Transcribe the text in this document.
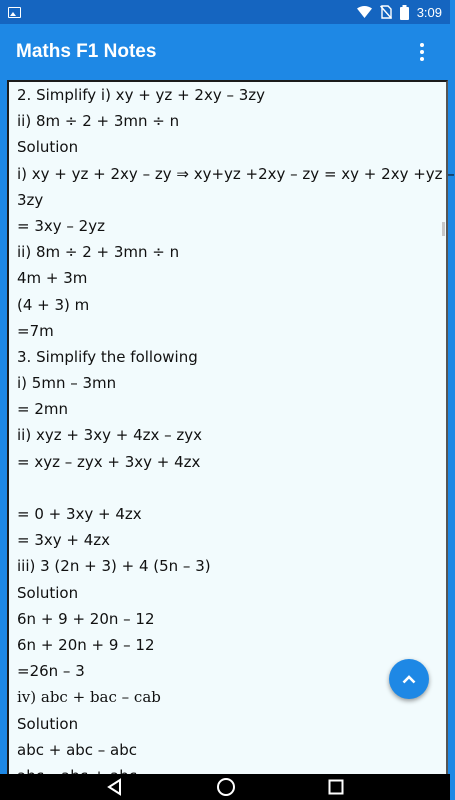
3:09
Maths F1 Notes
2. Simplify i) xy + yz + 2xy – 3zy
ii) 8m ÷ 2 + 3mn ÷ n
Solution
i) xy + yz + 2xy – zy ⇒ xy+yz +2xy – zy = xy + 2xy +yz –
3zy
= 3xy – 2yz
ii) 8m ÷ 2 + 3mn ÷ n
4m + 3m
(4 + 3) m
=7m
3. Simplify the following
i) 5mn – 3mn
= 2mn
ii) xyz + 3xy + 4zx – zyx
= xyz – zyx + 3xy + 4zx

= 0 + 3xy + 4zx
= 3xy + 4zx
iii) 3 (2n + 3) + 4 (5n – 3)
Solution
6n + 9 + 20n – 12
6n + 20n + 9 – 12
=26n – 3
iv) abc + bac – cab
Solution
abc + abc – abc
